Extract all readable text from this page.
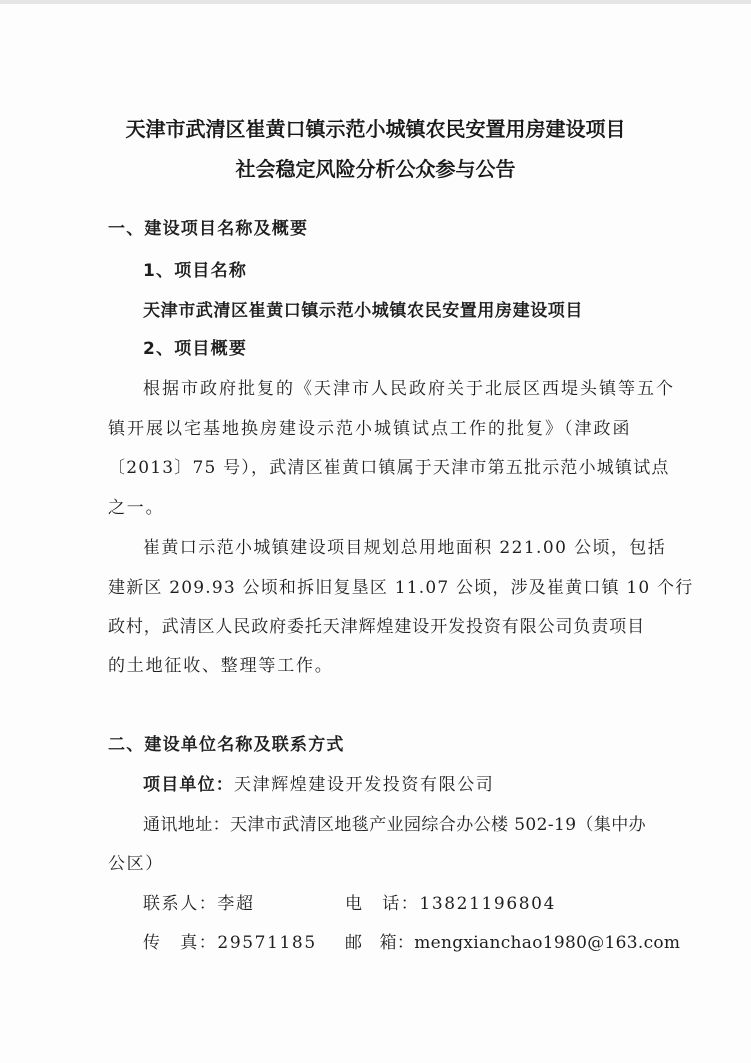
天津市武清区崔黄口镇示范小城镇农民安置用房建设项目
社会稳定风险分析公众参与公告
一、建设项目名称及概要
1、项目名称
天津市武清区崔黄口镇示范小城镇农民安置用房建设项目
2、项目概要
根据市政府批复的《天津市人民政府关于北辰区西堤头镇等五个
镇开展以宅基地换房建设示范小城镇试点工作的批复》（津政函
〔2013〕75 号），武清区崔黄口镇属于天津市第五批示范小城镇试点
之一。
崔黄口示范小城镇建设项目规划总用地面积 221.00 公顷，包括
建新区 209.93 公顷和拆旧复垦区 11.07 公顷，涉及崔黄口镇 10 个行
政村，武清区人民政府委托天津辉煌建设开发投资有限公司负责项目
的土地征收、整理等工作。
二、建设单位名称及联系方式
项目单位：天津辉煌建设开发投资有限公司
通讯地址：天津市武清区地毯产业园综合办公楼 502-19（集中办
公区）
联系人：李超	电　话：13821196804
传　真：29571185 邮　箱：mengxianchao1980@163.com
